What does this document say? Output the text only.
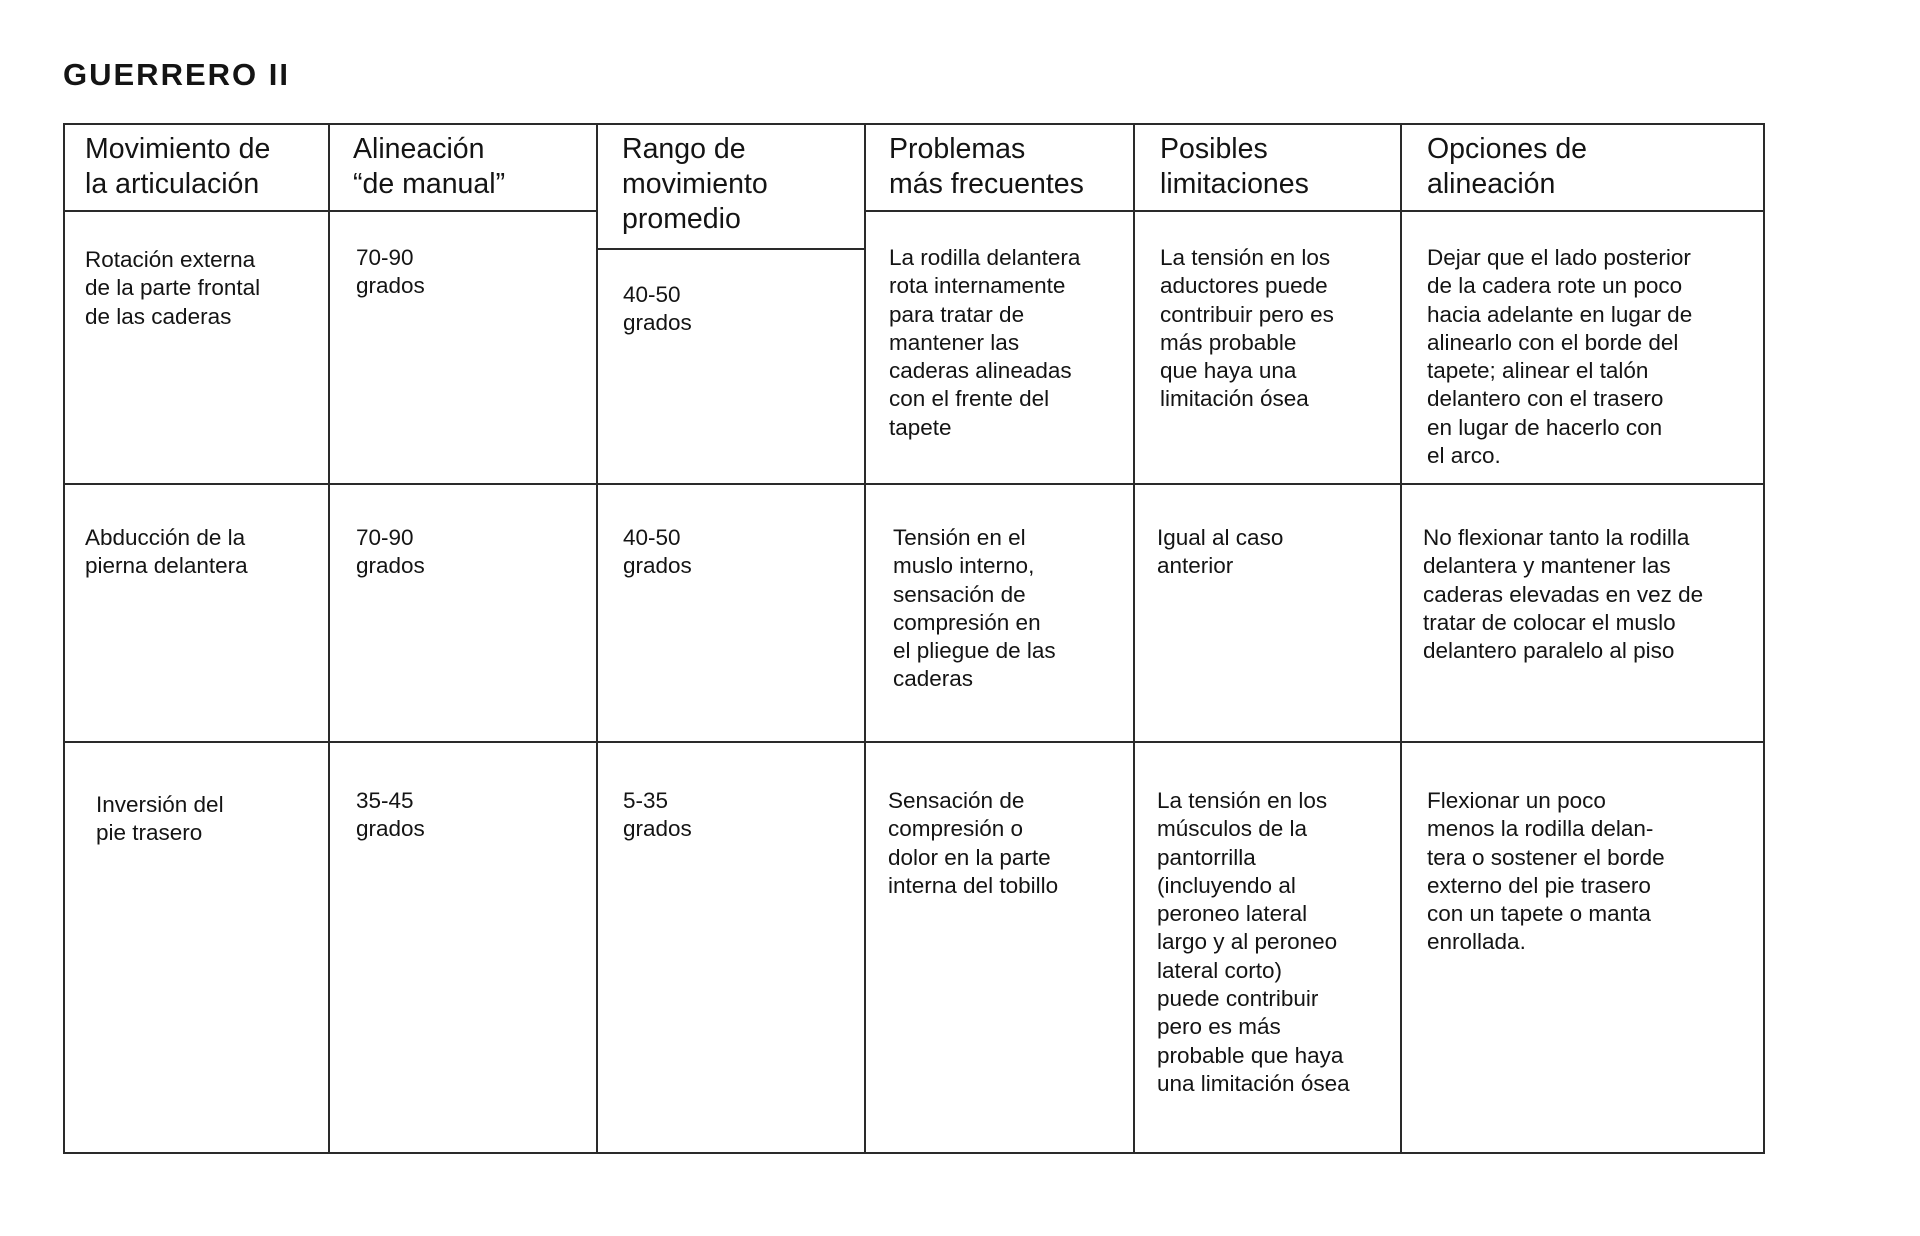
GUERRERO II
Movimiento de
la articulación
Alineación
“de manual”
Rango de
movimiento
promedio
Problemas
más frecuentes
Posibles
limitaciones
Opciones de
alineación
Rotación externa
de la parte frontal
de las caderas
70-90
grados	40-50
grados
La rodilla delantera
rota internamente
para tratar de
mantener las
caderas alineadas
con el frente del
tapete
La tensión en los
aductores puede
contribuir pero es
más probable
que haya una
limitación ósea
Dejar que el lado posterior
de la cadera rote un poco
hacia adelante en lugar de
alinearlo con el borde del
tapete; alinear el talón
delantero con el trasero
en lugar de hacerlo con
el arco.
Abducción de la
pierna delantera
70-90
grados
40-50
grados
Tensión en el
muslo interno,
sensación de
compresión en
el pliegue de las
caderas
Igual al caso
anterior
No flexionar tanto la rodilla
delantera y mantener las
caderas elevadas en vez de
tratar de colocar el muslo
delantero paralelo al piso
Inversión del
pie trasero
35-45
grados
5-35
grados
Sensación de
compresión o
dolor en la parte
interna del tobillo
La tensión en los
músculos de la
pantorrilla
(incluyendo al
peroneo lateral
largo y al peroneo
lateral corto)
puede contribuir
pero es más
probable que haya
una limitación ósea
Flexionar un poco
menos la rodilla delan-
tera o sostener el borde
externo del pie trasero
con un tapete o manta
enrollada.
